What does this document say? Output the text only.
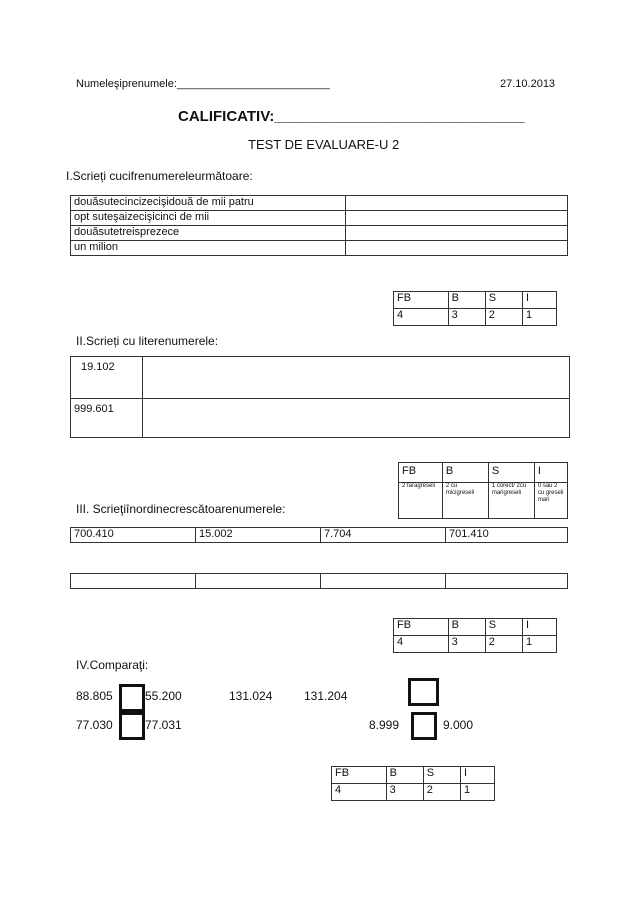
Numeleşiprenumele:_________________________	27.10.2013
CALIFICATIV:______________________________
TEST DE EVALUARE-U 2
I.Scrieți cucifrenumereleurmătoare:
douăsutecincizecişidouă de mii patru	
opt suteşaizecişicinci de mii	
douăsutetreisprezece	
un milion	
FB	B	S	I
4	3	2	1
II.Scrieți cu literenumerele:
19.102	
999.601	
FB	B	S	I
2 faragreseli	2 cu micigreseli	1 corect/ 2cu marigreseli	0 sau 2 cu greseli mari
III. Scrieţiînordinecrescătoarenumerele:
700.410	15.002	7.704	701.410

FB	B	S	I
4	3	2	1
IV.Comparaţi:
88.805	55.200	131.024	131.204
77.030	77.031	8.999	9.000
FB	B	S	I
4	3	2	1
